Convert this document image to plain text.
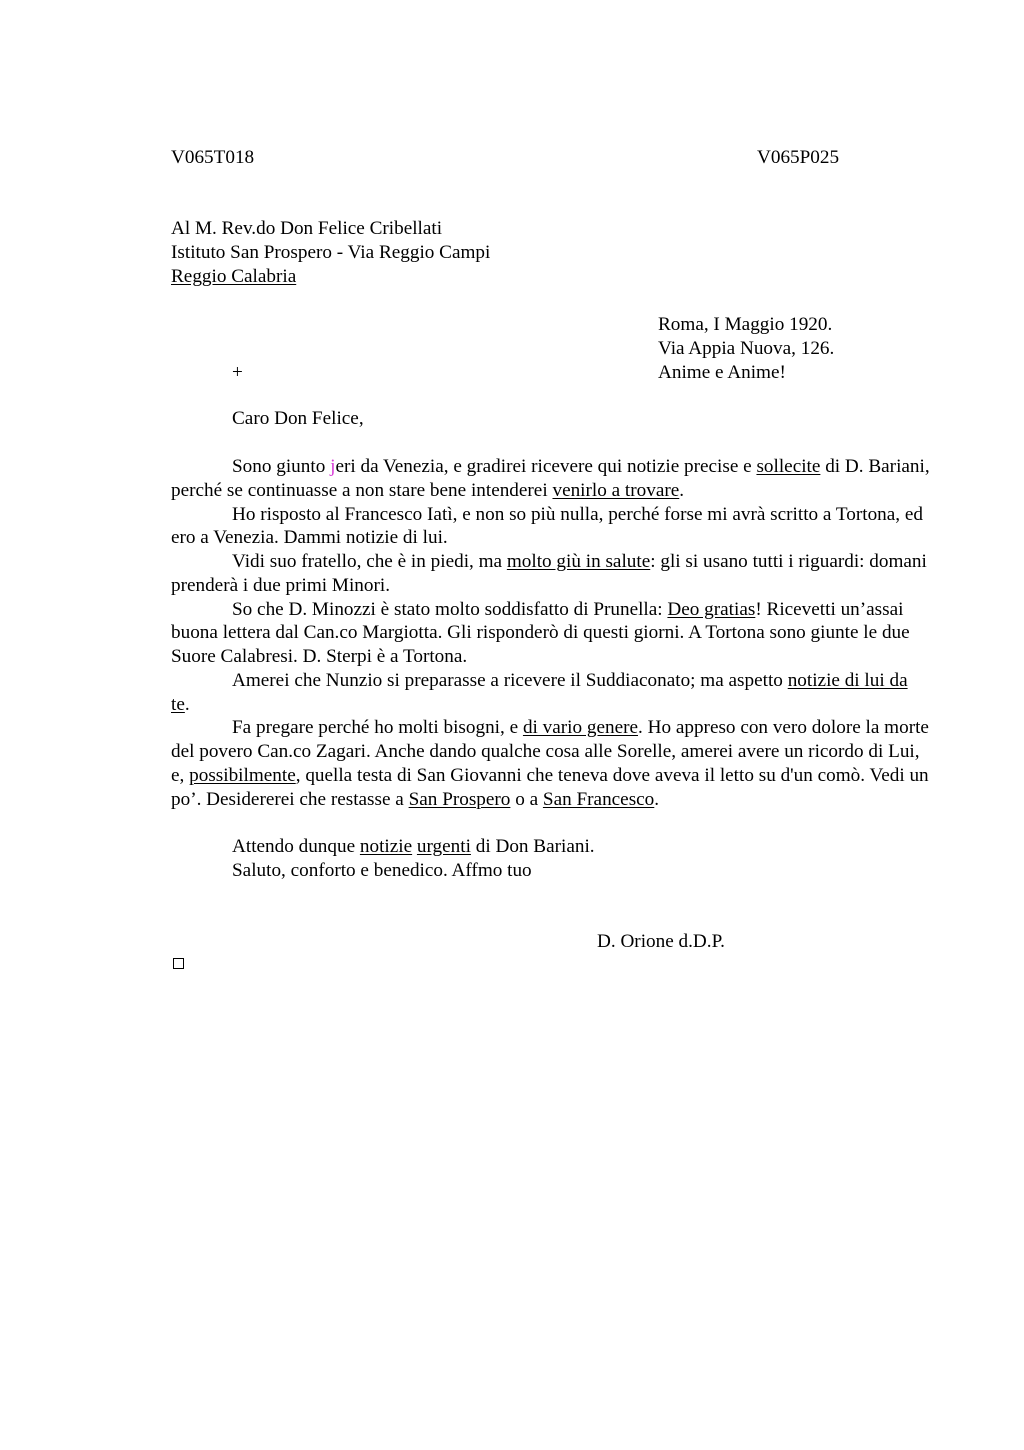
V065T018	V065P025
Al M. Rev.do Don Felice Cribellati
Istituto San Prospero - Via Reggio Campi
Reggio Calabria
Roma, I Maggio 1920.
Via Appia Nuova, 126.
Anime e Anime!
+
Caro Don Felice,

Sono giunto jeri da Venezia, e gradirei ricevere qui notizie precise e sollecite di D. Bariani, perché se continuasse a non stare bene intenderei venirlo a trovare.

Ho risposto al Francesco Iatì, e non so più nulla, perché forse mi avrà scritto a Tortona, ed ero a Venezia. Dammi notizie di lui.

Vidi suo fratello, che è in piedi, ma molto giù in salute: gli si usano tutti i riguardi: domani prenderà i due primi Minori.

So che D. Minozzi è stato molto soddisfatto di Prunella: Deo gratias! Ricevetti un’assai buona lettera dal Can.co Margiotta. Gli risponderò di questi giorni. A Tortona sono giunte le due Suore Calabresi. D. Sterpi è a Tortona.

Amerei che Nunzio si preparasse a ricevere il Suddiaconato; ma aspetto notizie di lui da te.

Fa pregare perché ho molti bisogni, e di vario genere. Ho appreso con vero dolore la morte del povero Can.co Zagari. Anche dando qualche cosa alle Sorelle, amerei avere un ricordo di Lui, e, possibilmente, quella testa di San Giovanni che teneva dove aveva il letto su d'un comò. Vedi un po’. Desidererei che restasse a San Prospero o a San Francesco.

Attendo dunque notizie urgenti di Don Bariani.
Saluto, conforto e benedico. Affmo tuo
D. Orione d.D.P.
